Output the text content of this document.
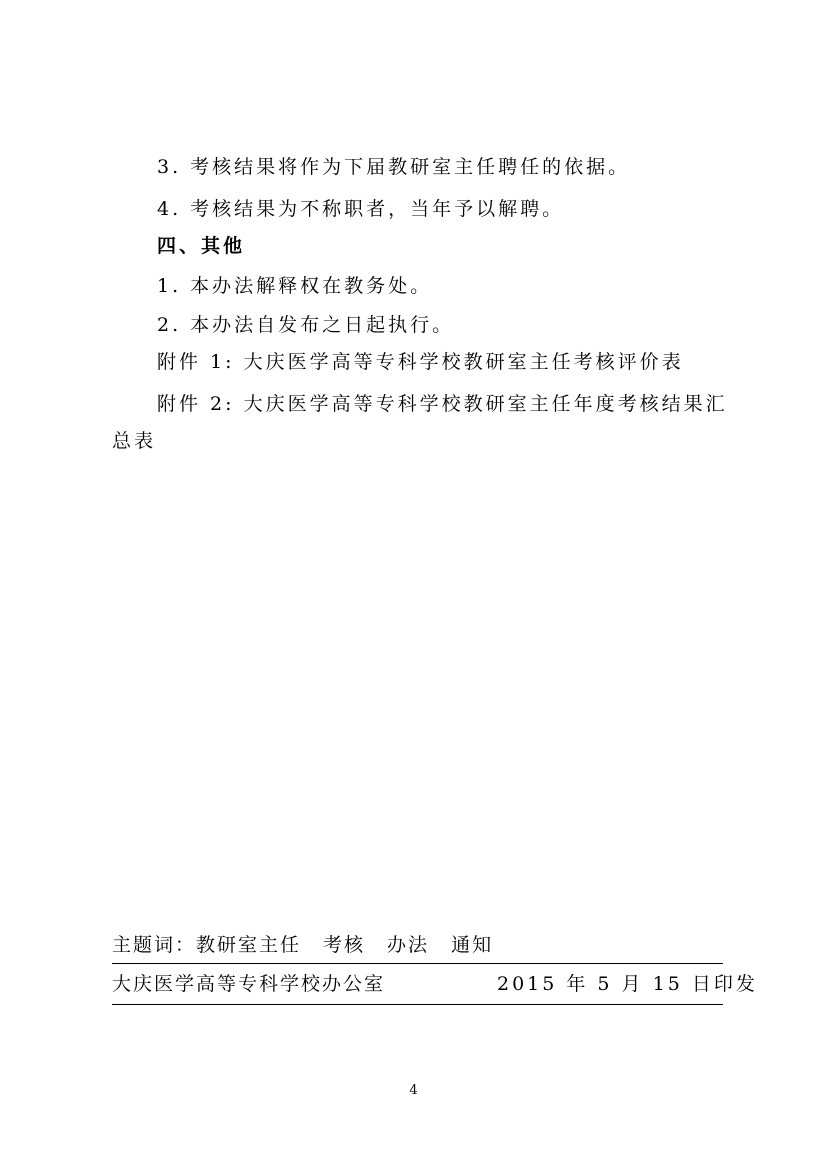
3. 考核结果将作为下届教研室主任聘任的依据。
4. 考核结果为不称职者，当年予以解聘。
四、其他
1. 本办法解释权在教务处。
2. 本办法自发布之日起执行。
附件 1: 大庆医学高等专科学校教研室主任考核评价表
附件 2: 大庆医学高等专科学校教研室主任年度考核结果汇
总表
主题词：教研室主任 考核 办法 通知
大庆医学高等专科学校办公室	2015 年 5 月 15 日印发
4
